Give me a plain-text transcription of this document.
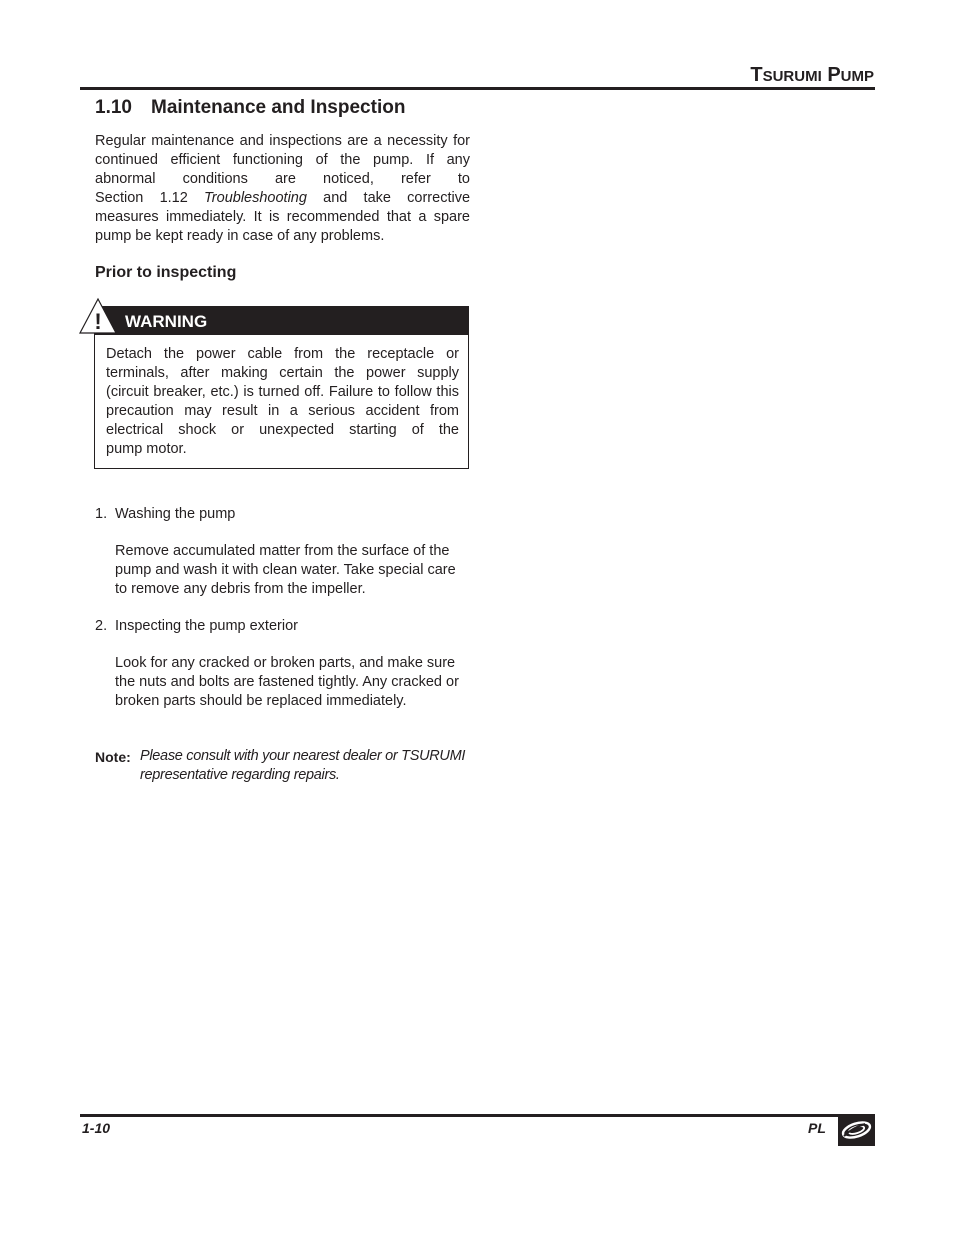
TSURUMI PUMP
1.10 Maintenance and Inspection

Regular maintenance and inspections are a necessity for
continued efficient functioning of the pump. If any
abnormal conditions are noticed, refer to
Section 1.12 Troubleshooting and take corrective
measures immediately. It is recommended that a spare
pump be kept ready in case of any problems.

Prior to inspecting
WARNING
!

Detach the power cable from the receptacle or
terminals, after making certain the power supply
(circuit breaker, etc.) is turned off. Failure to follow this
precaution may result in a serious accident from
electrical shock or unexpected starting of the
pump motor.

1. Washing the pump

Remove accumulated matter from the surface of the
pump and wash it with clean water. Take special care
to remove any debris from the impeller.

2. Inspecting the pump exterior

Look for any cracked or broken parts, and make sure
the nuts and bolts are fastened tightly. Any cracked or
broken parts should be replaced immediately.

Note: Please consult with your nearest dealer or TSURUMI
representative regarding repairs.
1-10	PL
